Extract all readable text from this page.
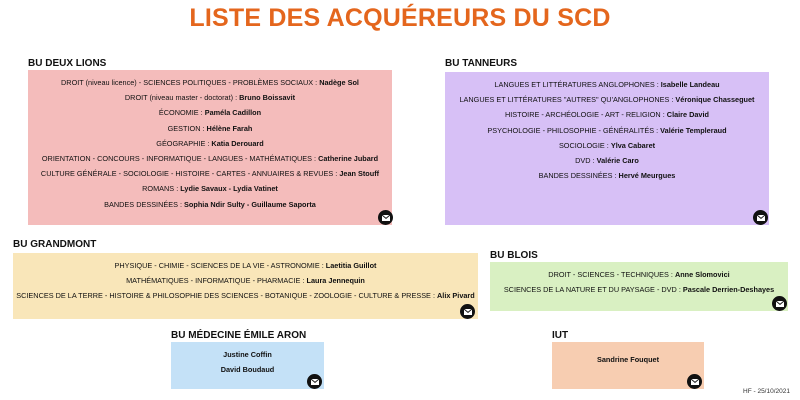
LISTE DES ACQUÉREURS DU SCD
BU DEUX LIONS
DROIT (niveau licence) - SCIENCES POLITIQUES - PROBLÈMES SOCIAUX : Nadège Sol
DROIT (niveau master - doctorat) : Bruno Boissavit
ÉCONOMIE : Paméla Cadillon
GESTION : Hélène Farah
GÉOGRAPHIE : Katia Derouard
ORIENTATION - CONCOURS - INFORMATIQUE - LANGUES - MATHÉMATIQUES : Catherine Jubard
CULTURE GÉNÉRALE - SOCIOLOGIE - HISTOIRE - CARTES - ANNUAIRES & REVUES : Jean Stouff
ROMANS : Lydie Savaux - Lydia Vatinet
BANDES DESSINÉES : Sophia Ndir Sulty - Guillaume Saporta
BU TANNEURS
LANGUES ET LITTÉRATURES ANGLOPHONES : Isabelle Landeau
LANGUES ET LITTÉRATURES "AUTRES" QU'ANGLOPHONES : Véronique Chasseguet
HISTOIRE - ARCHÉOLOGIE - ART - RELIGION : Claire David
PSYCHOLOGIE - PHILOSOPHIE - GÉNÉRALITÉS : Valérie Templeraud
SOCIOLOGIE : Ylva Cabaret
DVD : Valérie Caro
BANDES DESSINÉES : Hervé Meurgues
BU GRANDMONT
PHYSIQUE - CHIMIE - SCIENCES DE LA VIE - ASTRONOMIE : Laetitia Guillot
MATHÉMATIQUES - INFORMATIQUE - PHARMACIE : Laura Jennequin
SCIENCES DE LA TERRE - HISTOIRE & PHILOSOPHIE DES SCIENCES - BOTANIQUE - ZOOLOGIE - CULTURE & PRESSE : Alix Pivard
BU BLOIS
DROIT - SCIENCES - TECHNIQUES : Anne Slomovici
SCIENCES DE LA NATURE ET DU PAYSAGE - DVD : Pascale Derrien-Deshayes
BU MÉDECINE ÉMILE ARON
Justine Coffin
David Boudaud
IUT
Sandrine Fouquet
HF - 25/10/2021
